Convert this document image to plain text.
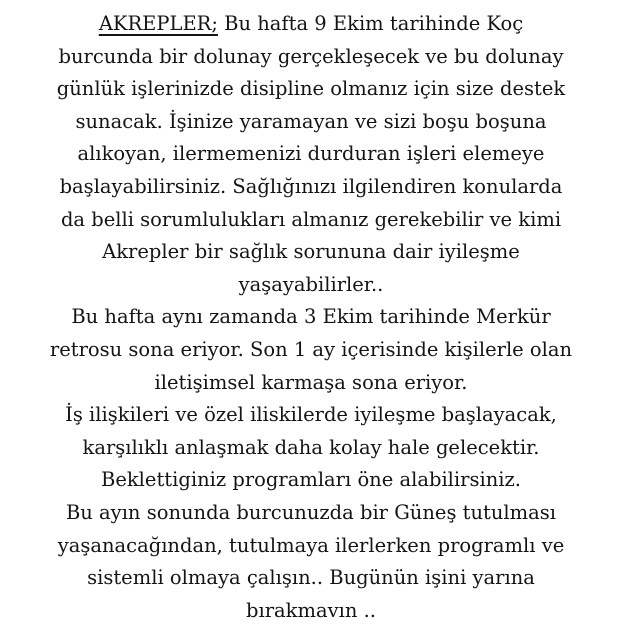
AKREPLER; Bu hafta 9 Ekim tarihinde Koç
burcunda bir dolunay gerçekleşecek ve bu dolunay
günlük işlerinizde disipline olmanız için size destek
sunacak. İşinize yaramayan ve sizi boşu boşuna
alıkoyan, ilermemenizi durduran işleri elemeye
başlayabilirsiniz. Sağlığınızı ilgilendiren konularda
da belli sorumlulukları almanız gerekebilir ve kimi
Akrepler bir sağlık sorununa dair iyileşme
yaşayabilirler..
Bu hafta aynı zamanda 3 Ekim tarihinde Merkür
retrosu sona eriyor. Son 1 ay içerisinde kişilerle olan
iletişimsel karmaşa sona eriyor.
İş ilişkileri ve özel iliskilerde iyileşme başlayacak,
karşılıklı anlaşmak daha kolay hale gelecektir.
Beklettiginiz programları öne alabilirsiniz.
Bu ayın sonunda burcunuzda bir Güneş tutulması
yaşanacağından, tutulmaya ilerlerken programlı ve
sistemli olmaya çalışın.. Bugünün işini yarına
bırakmavın ..
